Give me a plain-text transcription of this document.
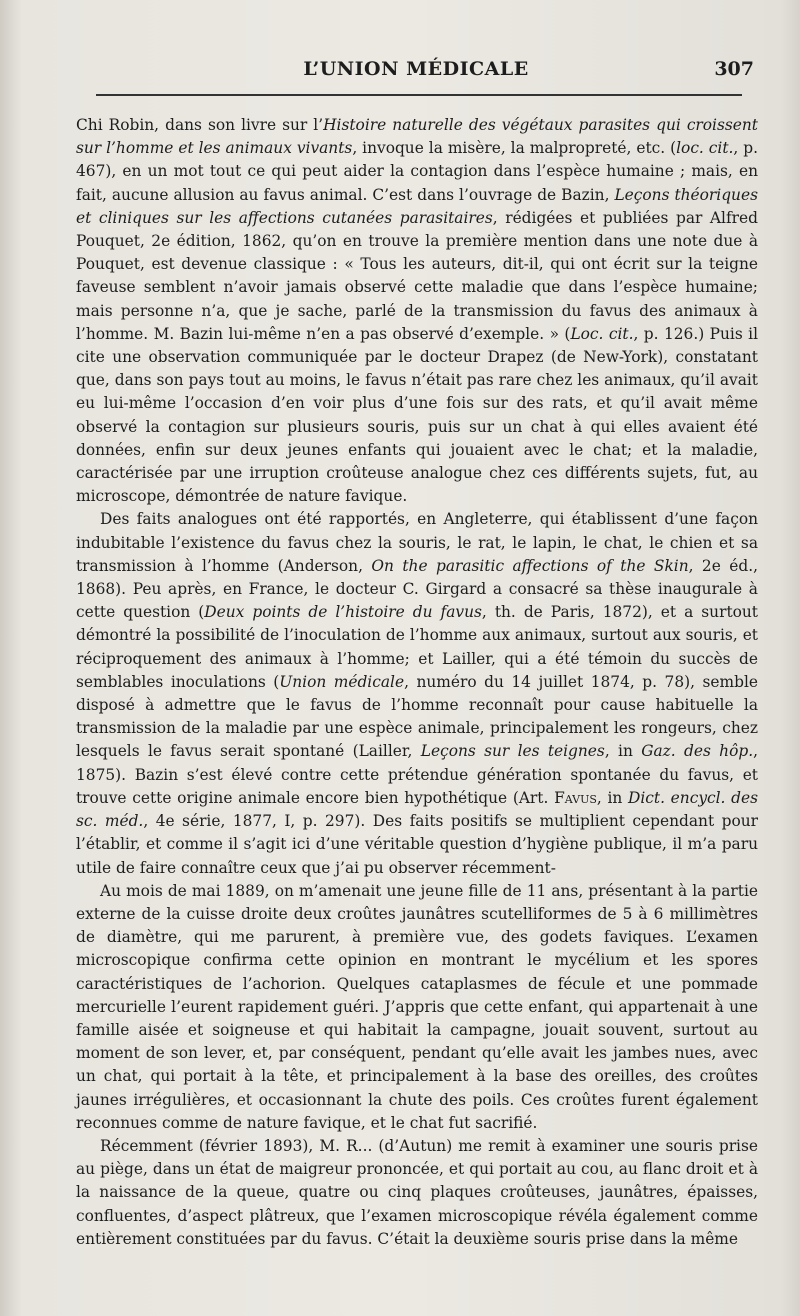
L’UNION MÉDICALE	307

Chi Robin, dans son livre sur l’Histoire naturelle des végétaux parasites qui croissent sur l’homme et les animaux vivants, invoque la misère, la malpropreté, etc. (loc. cit., p. 467), en un mot tout ce qui peut aider la contagion dans l’espèce humaine ; mais, en fait, aucune allusion au favus animal. C’est dans l’ouvrage de Bazin, Leçons théoriques et cliniques sur les affections cutanées parasitaires, rédigées et publiées par Alfred Pouquet, 2e édition, 1862, qu’on en trouve la première mention dans une note due à Pouquet, est devenue classique : « Tous les auteurs, dit-il, qui ont écrit sur la teigne faveuse semblent n’avoir jamais observé cette maladie que dans l’espèce humaine; mais personne n’a, que je sache, parlé de la transmission du favus des animaux à l’homme. M. Bazin lui-même n’en a pas observé d’exemple. » (Loc. cit., p. 126.) Puis il cite une observation communiquée par le docteur Drapez (de New-York), constatant que, dans son pays tout au moins, le favus n’était pas rare chez les animaux, qu’il avait eu lui-même l’occasion d’en voir plus d’une fois sur des rats, et qu’il avait même observé la contagion sur plusieurs souris, puis sur un chat à qui elles avaient été données, enfin sur deux jeunes enfants qui jouaient avec le chat; et la maladie, caractérisée par une irruption croûteuse analogue chez ces différents sujets, fut, au microscope, démontrée de nature favique.

Des faits analogues ont été rapportés, en Angleterre, qui établissent d’une façon indubitable l’existence du favus chez la souris, le rat, le lapin, le chat, le chien et sa transmission à l’homme (Anderson, On the parasitic affections of the Skin, 2e éd., 1868). Peu après, en France, le docteur C. Girgard a consacré sa thèse inaugurale à cette question (Deux points de l’histoire du favus, th. de Paris, 1872), et a surtout démontré la possibilité de l’inoculation de l’homme aux animaux, surtout aux souris, et réciproquement des animaux à l’homme; et Lailler, qui a été témoin du succès de semblables inoculations (Union médicale, numéro du 14 juillet 1874, p. 78), semble disposé à admettre que le favus de l’homme reconnaît pour cause habituelle la transmission de la maladie par une espèce animale, principalement les rongeurs, chez lesquels le favus serait spontané (Lailler, Leçons sur les teignes, in Gaz. des hôp., 1875). Bazin s’est élevé contre cette prétendue génération spontanée du favus, et trouve cette origine animale encore bien hypothétique (Art. Favus, in Dict. encycl. des sc. méd., 4e série, 1877, I, p. 297). Des faits positifs se multiplient cependant pour l’établir, et comme il s’agit ici d’une véritable question d’hygiène publique, il m’a paru utile de faire connaître ceux que j’ai pu observer récemment-

Au mois de mai 1889, on m’amenait une jeune fille de 11 ans, présentant à la partie externe de la cuisse droite deux croûtes jaunâtres scutelliformes de 5 à 6 millimètres de diamètre, qui me parurent, à première vue, des godets faviques. L’examen microscopique confirma cette opinion en montrant le mycélium et les spores caractéristiques de l’achorion. Quelques cataplasmes de fécule et une pommade mercurielle l’eurent rapidement guéri. J’appris que cette enfant, qui appartenait à une famille aisée et soigneuse et qui habitait la campagne, jouait souvent, surtout au moment de son lever, et, par conséquent, pendant qu’elle avait les jambes nues, avec un chat, qui portait à la tête, et principalement à la base des oreilles, des croûtes jaunes irrégulières, et occasionnant la chute des poils. Ces croûtes furent également reconnues comme de nature favique, et le chat fut sacrifié.

Récemment (février 1893), M. R... (d’Autun) me remit à examiner une souris prise au piège, dans un état de maigreur prononcée, et qui portait au cou, au flanc droit et à la naissance de la queue, quatre ou cinq plaques croûteuses, jaunâtres, épaisses, confluentes, d’aspect plâtreux, que l’examen microscopique révéla également comme entièrement constituées par du favus. C’était la deuxième souris prise dans la même
